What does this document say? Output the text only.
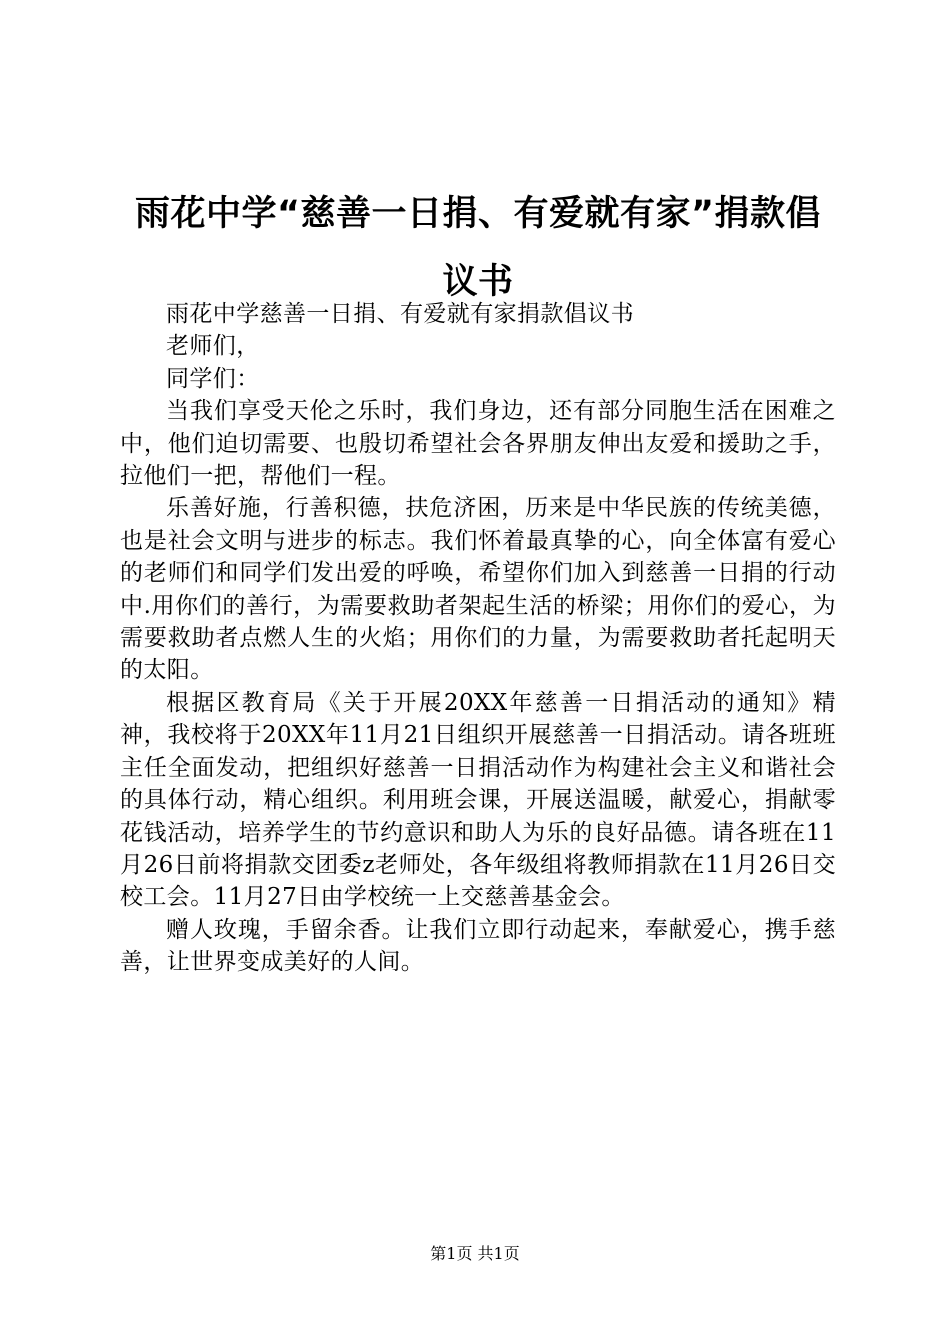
雨花中学“慈善一日捐、有爱就有家”捐款倡议书

雨花中学慈善一日捐、有爱就有家捐款倡议书

老师们，

同学们：

当我们享受天伦之乐时，我们身边，还有部分同胞生活在困难之中，他们迫切需要、也殷切希望社会各界朋友伸出友爱和援助之手，拉他们一把，帮他们一程。

乐善好施，行善积德，扶危济困，历来是中华民族的传统美德，也是社会文明与进步的标志。我们怀着最真挚的心，向全体富有爱心的老师们和同学们发出爱的呼唤，希望你们加入到慈善一日捐的行动中.用你们的善行，为需要救助者架起生活的桥梁；用你们的爱心，为需要救助者点燃人生的火焰；用你们的力量，为需要救助者托起明天的太阳。

根据区教育局《关于开展20XX年慈善一日捐活动的通知》精神，我校将于20XX年11月21日组织开展慈善一日捐活动。请各班班主任全面发动，把组织好慈善一日捐活动作为构建社会主义和谐社会的具体行动，精心组织。利用班会课，开展送温暖，献爱心，捐献零花钱活动，培养学生的节约意识和助人为乐的良好品德。请各班在11月26日前将捐款交团委z老师处，各年级组将教师捐款在11月26日交校工会。11月27日由学校统一上交慈善基金会。

赠人玫瑰，手留余香。让我们立即行动起来，奉献爱心，携手慈善，让世界变成美好的人间。

第1页 共1页
